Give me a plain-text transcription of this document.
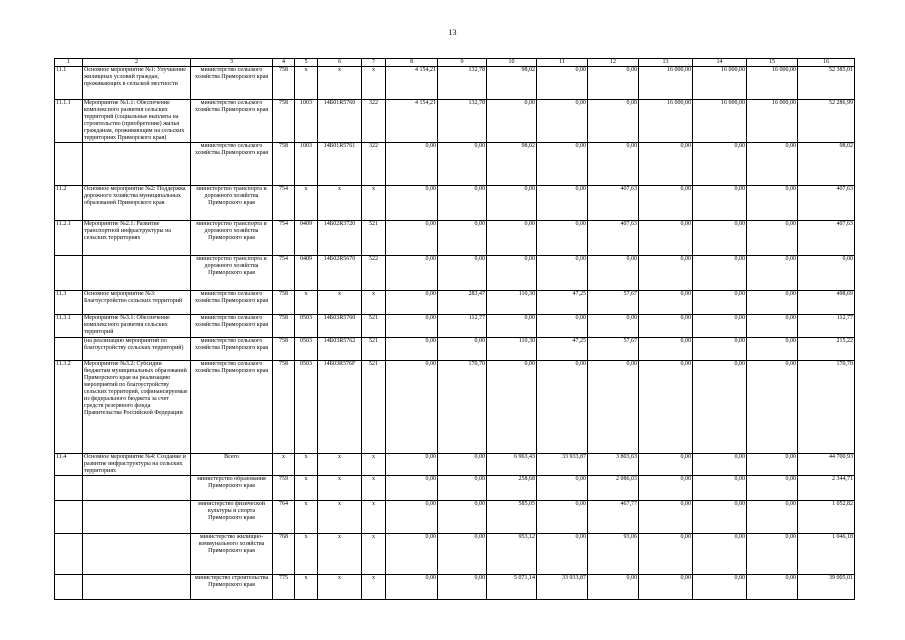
13
1	2	3	4	5	6	7	8	9	10	11	12	13	14	15	16
11.1	Основное мероприятие №1: Улучшение жилищных условий граждан, проживающих в сельской местности	министерство сельского хозяйства Приморского края	758	x	x	x	4 154,21	132,78	98,02	0,00	0,00	16 000,00	16 000,00	16 000,00	52 385,01
11.1.1	Мероприятие №1.1: Обеспечение комплексного развития сельских территорий (социальные выплаты на строительство (приобретение) жилья гражданам, проживающим на сельских территориях Приморского края)	министерство сельского хозяйства Приморского края	758	1003	14Б01R5760	322	4 154,21	132,78	0,00	0,00	0,00	16 000,00	16 000,00	16 000,00	52 286,99
		министерство сельского хозяйства Приморского края	758	1003	14Б01R5761	322	0,00	0,00	98,02	0,00	0,00	0,00	0,00	0,00	98,02
11.2	Основное мероприятие №2: Поддержка дорожного хозяйства муниципальных образований Приморского края	министерство транспорта и дорожного хозяйства Приморского края	754	x	x	x	0,00	0,00	0,00	0,00	407,63	0,00	0,00	0,00	407,63
11.2.1	Мероприятие №2.1: Развитие транспортной инфраструктуры на сельских территориях	министерство транспорта и дорожного хозяйства Приморского края	754	0409	14Б02R3720	521	0,00	0,00	0,00	0,00	407,63	0,00	0,00	0,00	407,63
		министерство транспорта и дорожного хозяйства Приморского края	754	0409	14Б02R5670	522	0,00	0,00	0,00	0,00	0,00	0,00	0,00	0,00	0,00
11.3	Основное мероприятие №3: Благоустройство сельских территорий	министерство сельского хозяйства Приморского края	758	x	x	x	0,00	283,47	110,30	47,25	57,67	0,00	0,00	0,00	498,69
11.3.1	Мероприятие №3.1: Обеспечение комплексного развития сельских территорий	министерство сельского хозяйства Приморского края	758	0503	14Б03R5760	521	0,00	112,77	0,00	0,00	0,00	0,00	0,00	0,00	112,77
	(на реализацию мероприятий по благоустройству сельских территорий)	министерство сельского хозяйства Приморского края	758	0503	14Б03R5762	521	0,00	0,00	110,30	47,25	57,67	0,00	0,00	0,00	215,22
11.3.2	Мероприятие №3.2: Субсидии бюджетам муниципальных образований Приморского края на реализацию мероприятий по благоустройству сельских территорий, софинансируемые из федерального бюджета за счет средств резервного фонда Правительства Российской Федерации	министерство сельского хозяйства Приморского края	758	0503	14Б03R576F	521	0,00	170,70	0,00	0,00	0,00	0,00	0,00	0,00	170,70
11.4	Основное мероприятие №4: Создание и развитие инфраструктуры на сельских территориях	Всего	x	x	x	x	0,00	0,00	6 963,43	33 933,87	3 803,63	0,00	0,00	0,00	44 700,93
		министерство образования Приморского края	759	x	x	x	0,00	0,00	258,68	0,00	2 086,03	0,00	0,00	0,00	2 344,71
		министерство физической культуры и спорта Приморского края	764	x	x	x	0,00	0,00	585,05	0,00	467,77	0,00	0,00	0,00	1 052,82
		министерство жилищно-коммунального хозяйства Приморского края	768	x	x	x	0,00	0,00	953,12	0,00	93,06	0,00	0,00	0,00	1 046,18
		министерство строительства Приморского края	775	x	x	x	0,00	0,00	5 071,14	33 933,87	0,00	0,00	0,00	0,00	39 005,01
